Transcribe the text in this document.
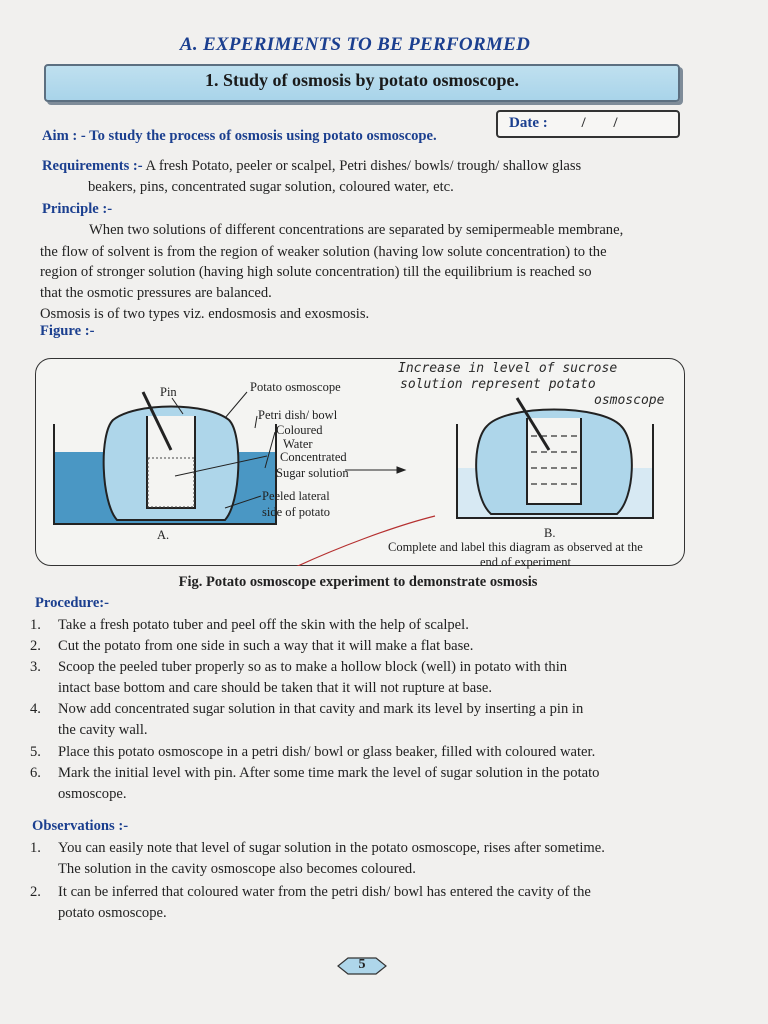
A. EXPERIMENTS TO BE PERFORMED
1. Study of osmosis by potato osmoscope.
Date : / /
Aim : - To study the process of osmosis using potato osmoscope.
Requirements :- A fresh Potato, peeler or scalpel, Petri dishes/ bowls/ trough/ shallow glass
beakers, pins, concentrated sugar solution, coloured water, etc.
Principle :-
When two solutions of different concentrations are separated by semipermeable membrane,
the flow of solvent is from the region of weaker solution (having low solute concentration) to the
region of stronger solution (having high solute concentration) till the equilibrium is reached so
that the osmotic pressures are balanced.
Osmosis is of two types viz. endosmosis and exosmosis.
Figure :-
Pin	Potato osmoscope
Petri dish/ bowl
Coloured
Water
Concentrated
Sugar solution
Peeled lateral
side of potato
A.	B.
Complete and label this diagram as observed at the
end of experiment
Increase in level of sucrose
solution represent potato
osmoscope
Fig. Potato osmoscope experiment to demonstrate osmosis
Procedure:-
1. Take a fresh potato tuber and peel off the skin with the help of scalpel.
2. Cut the potato from one side in such a way that it will make a flat base.
3. Scoop the peeled tuber properly so as to make a hollow block (well) in potato with thin
intact base bottom and care should be taken that it will not rupture at base.
4. Now add concentrated sugar solution in that cavity and mark its level by inserting a pin in
the cavity wall.
5. Place this potato osmoscope in a petri dish/ bowl or glass beaker, filled with coloured water.
6. Mark the initial level with pin. After some time mark the level of sugar solution in the potato
osmoscope.
Observations :-
1. You can easily note that level of sugar solution in the potato osmoscope, rises after sometime.
The solution in the cavity osmoscope also becomes coloured.
2. It can be inferred that coloured water from the petri dish/ bowl has entered the cavity of the
potato osmoscope.
5
